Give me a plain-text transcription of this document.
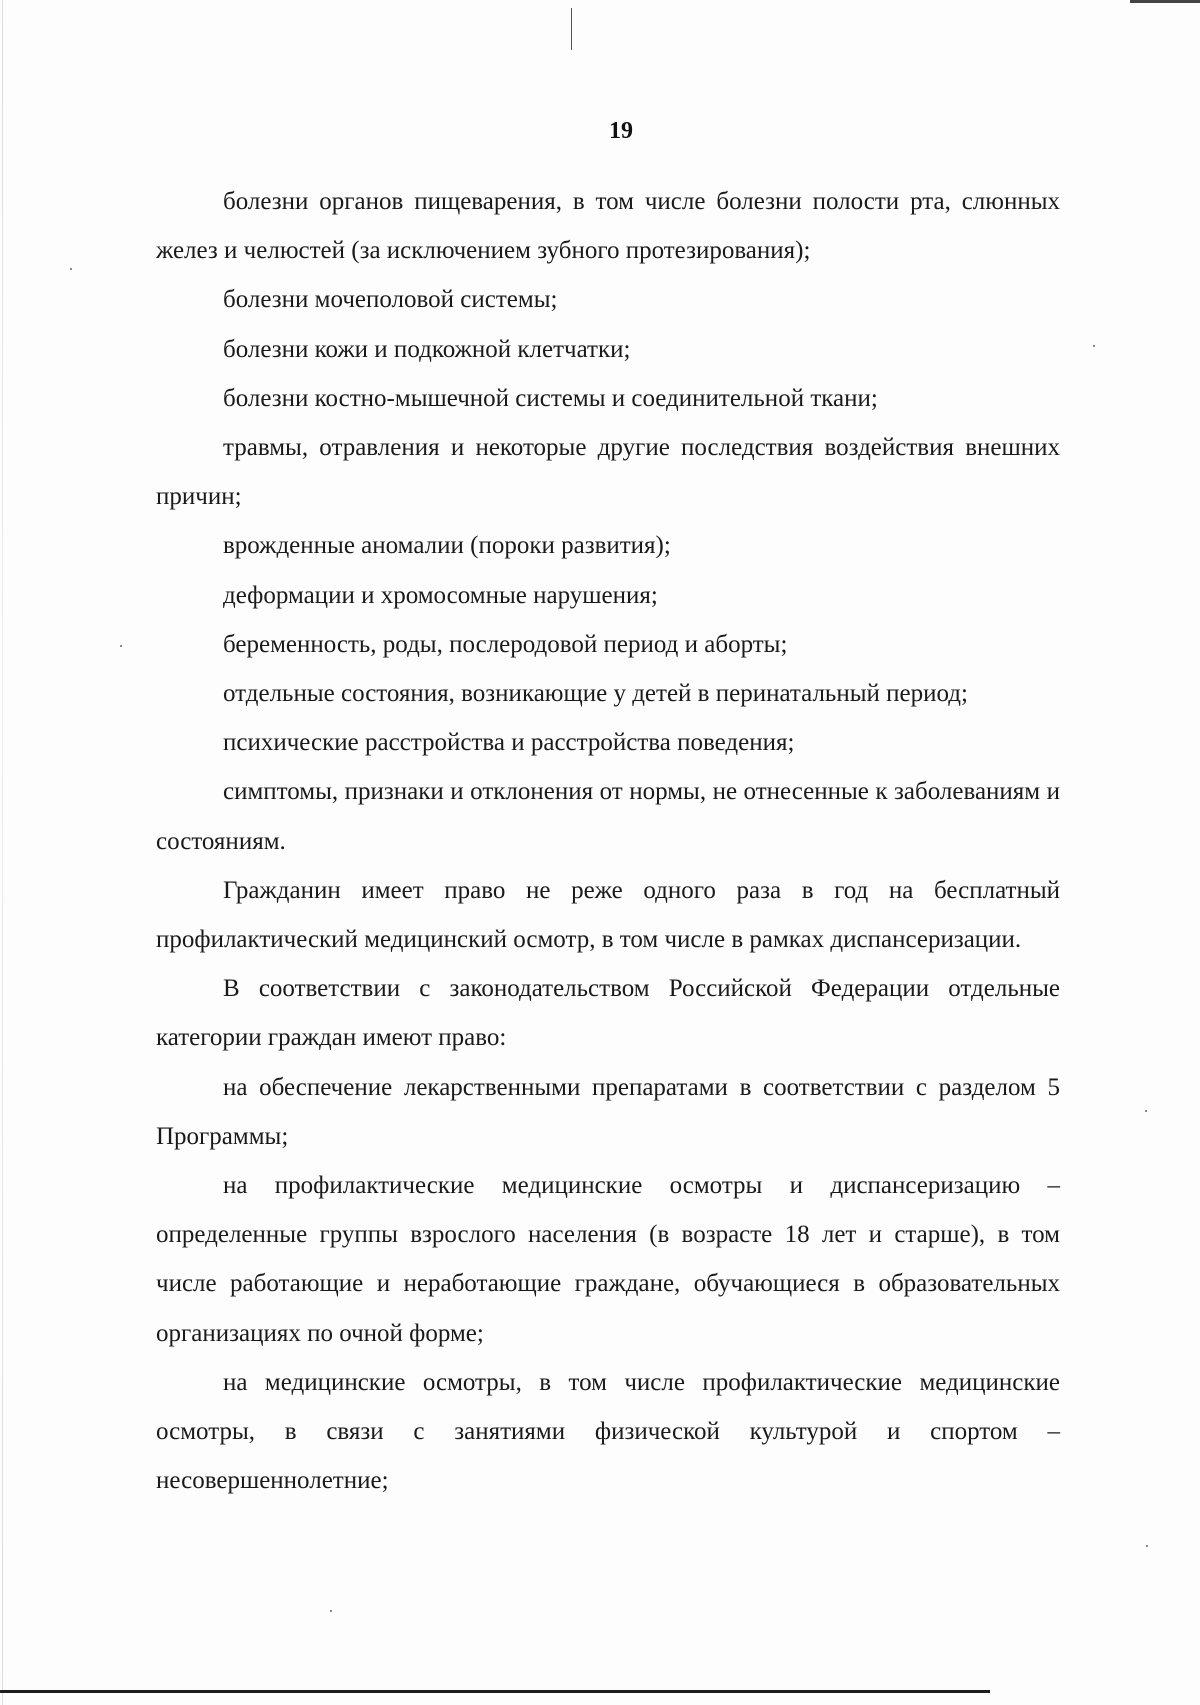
19

болезни органов пищеварения, в том числе болезни полости рта, слюнных желез и челюстей (за исключением зубного протезирования);

болезни мочеполовой системы;

болезни кожи и подкожной клетчатки;

болезни костно-мышечной системы и соединительной ткани;

травмы, отравления и некоторые другие последствия воздействия внешних причин;

врожденные аномалии (пороки развития);

деформации и хромосомные нарушения;

беременность, роды, послеродовой период и аборты;

отдельные состояния, возникающие у детей в перинатальный период;

психические расстройства и расстройства поведения;

симптомы, признаки и отклонения от нормы, не отнесенные к заболеваниям и состояниям.

Гражданин имеет право не реже одного раза в год на бесплатный профилактический медицинский осмотр, в том числе в рамках диспансеризации.

В соответствии с законодательством Российской Федерации отдельные категории граждан имеют право:

на обеспечение лекарственными препаратами в соответствии с разделом 5 Программы;

на профилактические медицинские осмотры и диспансеризацию – определенные группы взрослого населения (в возрасте 18 лет и старше), в том числе работающие и неработающие граждане, обучающиеся в образовательных организациях по очной форме;

на медицинские осмотры, в том числе профилактические медицинские осмотры, в связи с занятиями физической культурой и спортом – несовершеннолетние;
